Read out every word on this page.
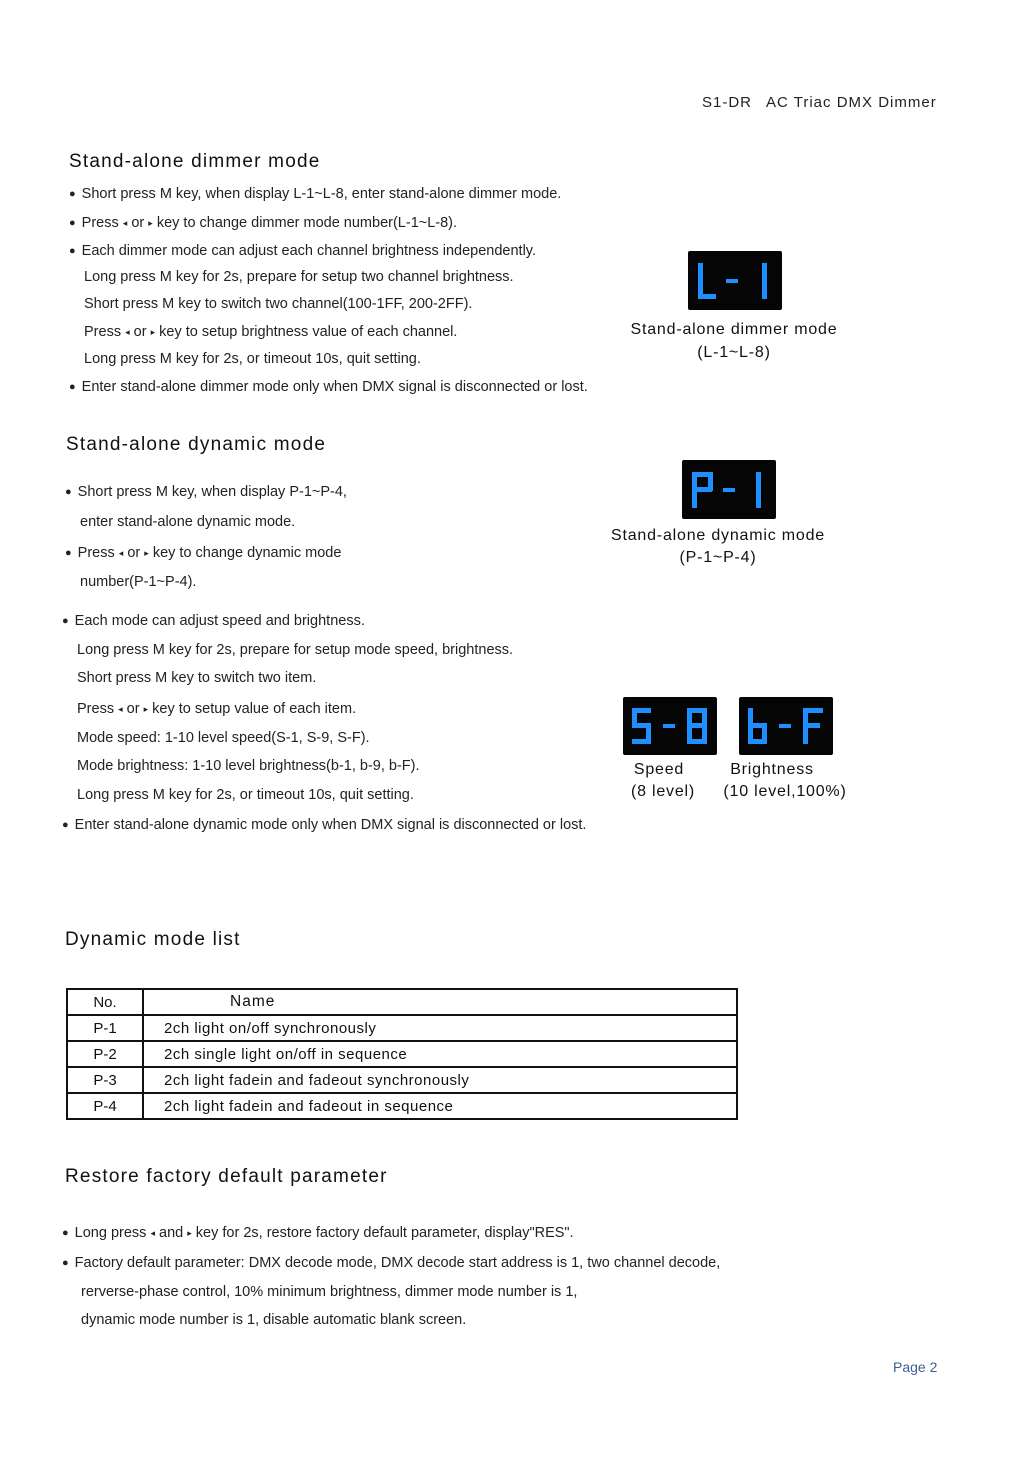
S1-DR AC Triac DMX Dimmer
Stand-alone dimmer mode
● Short press M key, when display L-1~L-8, enter stand-alone dimmer mode.
● Press ◂ or ▸ key to change dimmer mode number(L-1~L-8).
● Each dimmer mode can adjust each channel brightness independently.
Long press M key for 2s, prepare for setup two channel brightness.
Short press M key to switch two channel(100-1FF, 200-2FF).
Press ◂ or ▸ key to setup brightness value of each channel.
Long press M key for 2s, or timeout 10s, quit setting.
● Enter stand-alone dimmer mode only when DMX signal is disconnected or lost.
Stand-alone dimmer mode
(L-1~L-8)
Stand-alone dynamic mode
● Short press M key, when display P-1~P-4,
enter stand-alone dynamic mode.
● Press ◂ or ▸ key to change dynamic mode
number(P-1~P-4).
● Each mode can adjust speed and brightness.
Long press M key for 2s, prepare for setup mode speed, brightness.
Short press M key to switch two item.
Press ◂ or ▸ key to setup value of each item.
Mode speed: 1-10 level speed(S-1, S-9, S-F).
Mode brightness: 1-10 level brightness(b-1, b-9, b-F).
Long press M key for 2s, or timeout 10s, quit setting.
● Enter stand-alone dynamic mode only when DMX signal is disconnected or lost.
Stand-alone dynamic mode
(P-1~P-4)
Speed
(8 level)
Brightness
(10 level,100%)
Dynamic mode list
No.	Name
P-1	2ch light on/off synchronously
P-2	2ch single light on/off in sequence
P-3	2ch light fadein and fadeout synchronously
P-4	2ch light fadein and fadeout in sequence
Restore factory default parameter
● Long press ◂ and ▸ key for 2s, restore factory default parameter, display"RES".
● Factory default parameter: DMX decode mode, DMX decode start address is 1, two channel decode,
rerverse-phase control, 10% minimum brightness, dimmer mode number is 1,
dynamic mode number is 1, disable automatic blank screen.
Page 2
